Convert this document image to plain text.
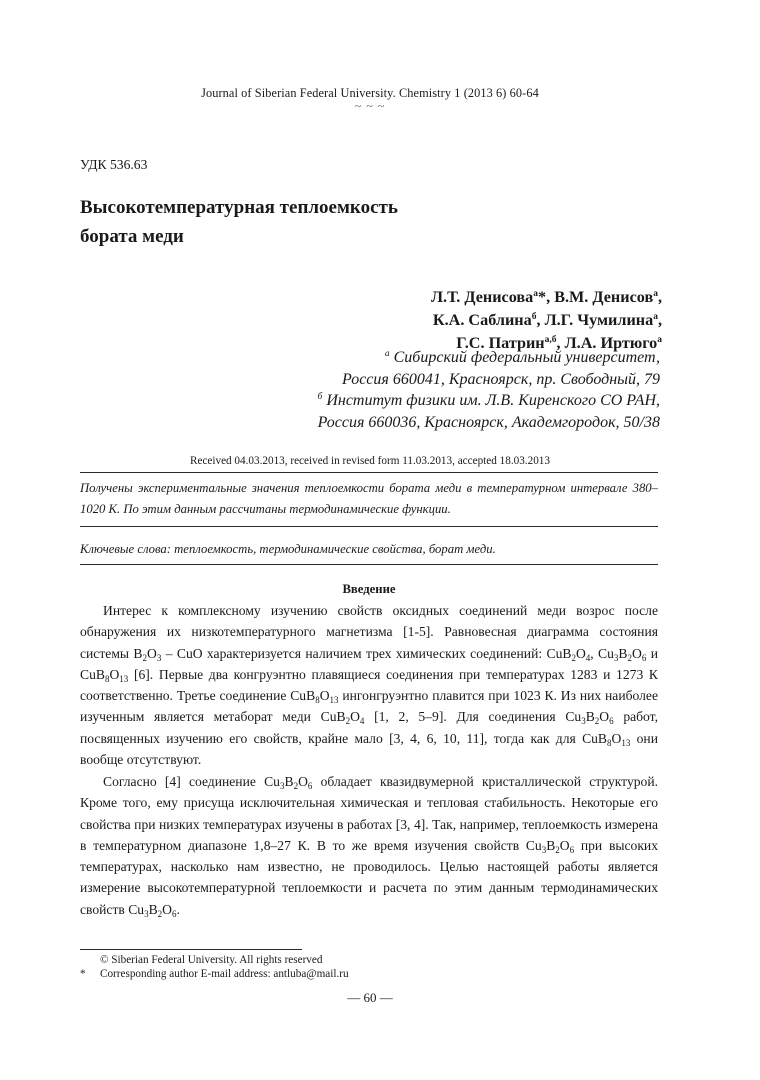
Journal of Siberian Federal University. Chemistry 1 (2013 6) 60-64
~ ~ ~
УДК 536.63
Высокотемпературная теплоемкость
бората меди
Л.Т. Денисова$^а$*, В.М. Денисов$^а$,
К.А. Саблина$^б$, Л.Г. Чумилина$^а$,
Г.С. Патрин$^{а,б}$, Л.А. Иртюго$^а$
$^а$ Сибирский федеральный университет,
Россия 660041, Красноярск, пр. Свободный, 79
$^б$ Институт физики им. Л.В. Киренского СО РАН,
Россия 660036, Красноярск, Академгородок, 50/38
Received 04.03.2013, received in revised form 11.03.2013, accepted 18.03.2013
Получены экспериментальные значения теплоемкости бората меди в температурном интервале 380–1020 К. По этим данным рассчитаны термодинамические функции.
Ключевые слова: теплоемкость, термодинамические свойства, борат меди.
Введение

Интерес к комплексному изучению свойств оксидных соединений меди возрос после обнаружения их низкотемпературного магнетизма [1-5]. Равновесная диаграмма состояния системы $B_2O_3$ – CuO характеризуется наличием трех химических соединений: $CuB_2O_4$, $Cu_3B_2O_6$ и $CuB_8O_{13}$ [6]. Первые два конгруэнтно плавящиеся соединения при температурах 1283 и 1273 К соответственно. Третье соединение $CuB_8O_{13}$ ингонгруэнтно плавится при 1023 К. Из них наиболее изученным является метаборат меди $CuB_2O_4$ [1, 2, 5–9]. Для соединения $Cu_3B_2O_6$ работ, посвященных изучению его свойств, крайне мало [3, 4, 6, 10, 11], тогда как для $CuB_8O_{13}$ они вообще отсутствуют.

Согласно [4] соединение $Cu_3B_2O_6$ обладает квазидвумерной кристаллической структурой. Кроме того, ему присуща исключительная химическая и тепловая стабильность. Некоторые его свойства при низких температурах изучены в работах [3, 4]. Так, например, теплоемкость измерена в температурном диапазоне 1,8–27 К. В то же время изучения свойств $Cu_3B_2O_6$ при высоких температурах, насколько нам известно, не проводилось. Целью настоящей работы является измерение высокотемпературной теплоемкости и расчета по этим данным термодинамических свойств $Cu_3B_2O_6$.

© Siberian Federal University. All rights reserved
* Corresponding author E-mail address: antluba@mail.ru
— 60 —
